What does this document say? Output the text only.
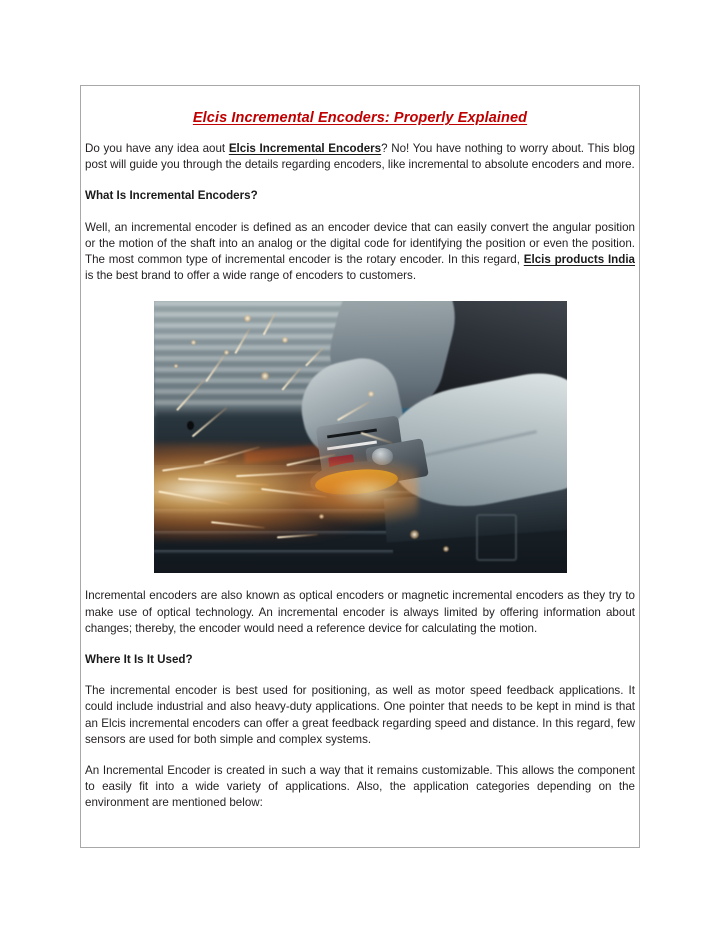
Elcis Incremental Encoders: Properly Explained

Do you have any idea aout Elcis Incremental Encoders? No! You have nothing to worry about. This blog post will guide you through the details regarding encoders, like incremental to absolute encoders and more.

What Is Incremental Encoders?

Well, an incremental encoder is defined as an encoder device that can easily convert the angular position or the motion of the shaft into an analog or the digital code for identifying the position or even the position. The most common type of incremental encoder is the rotary encoder. In this regard, Elcis products India is the best brand to offer a wide range of encoders to customers.

Incremental encoders are also known as optical encoders or magnetic incremental encoders as they try to make use of optical technology. An incremental encoder is always limited by offering information about changes; thereby, the encoder would need a reference device for calculating the motion.

Where It Is It Used?

The incremental encoder is best used for positioning, as well as motor speed feedback applications. It could include industrial and also heavy-duty applications. One pointer that needs to be kept in mind is that an Elcis incremental encoders can offer a great feedback regarding speed and distance. In this regard, few sensors are used for both simple and complex systems.

An Incremental Encoder is created in such a way that it remains customizable. This allows the component to easily fit into a wide variety of applications. Also, the application categories depending on the environment are mentioned below:
